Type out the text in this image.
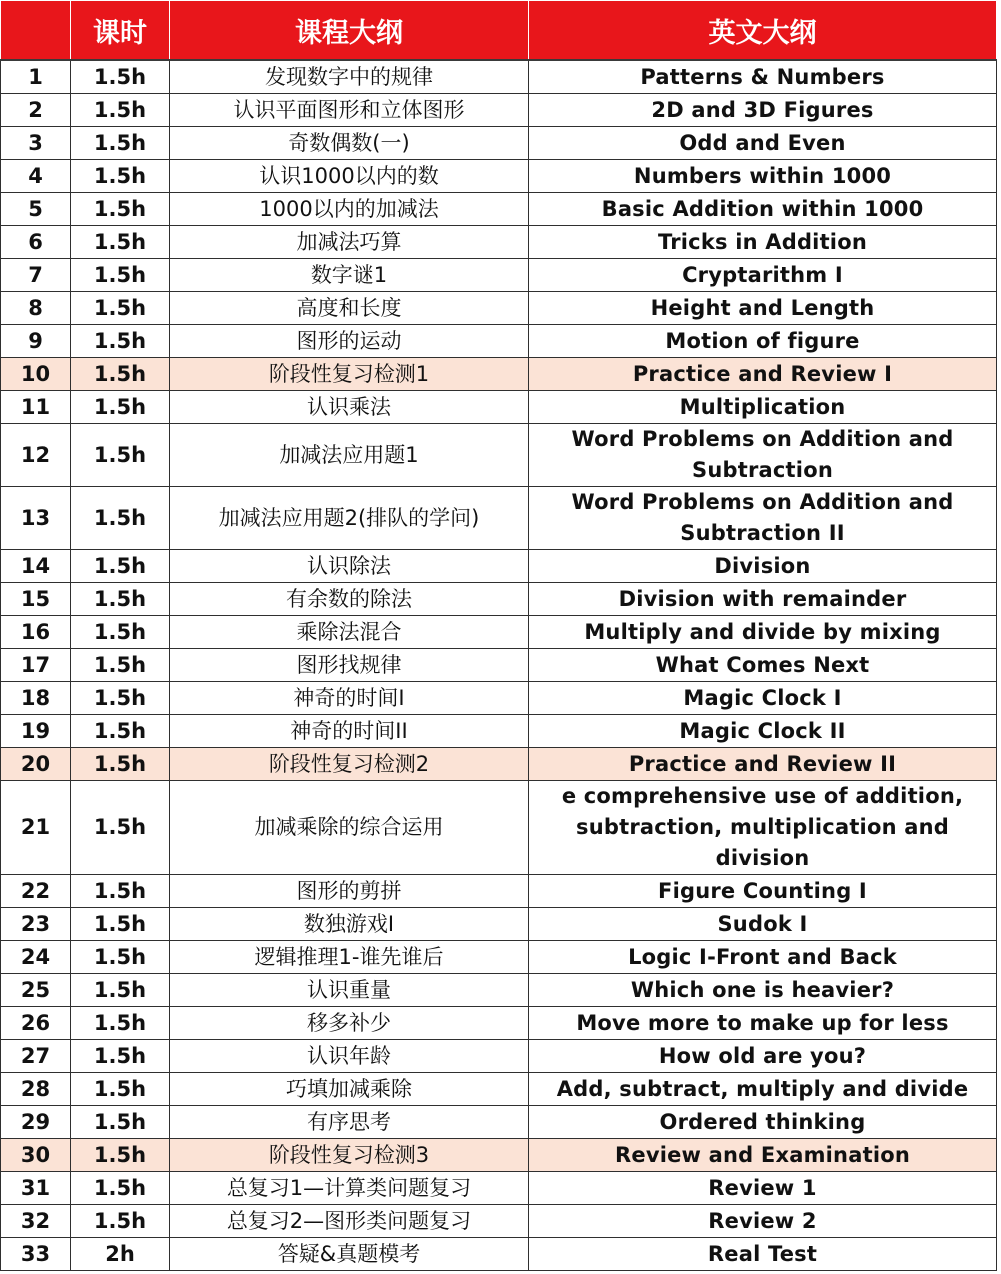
	课时	课程大纲	英文大纲
1	1.5h	发现数字中的规律	Patterns & Numbers
2	1.5h	认识平面图形和立体图形	2D and 3D Figures
3	1.5h	奇数偶数(一)	Odd and Even
4	1.5h	认识1000以内的数	Numbers within 1000
5	1.5h	1000以内的加减法	Basic Addition within 1000
6	1.5h	加减法巧算	Tricks in Addition
7	1.5h	数字谜1	Cryptarithm I
8	1.5h	高度和长度	Height and Length
9	1.5h	图形的运动	Motion of figure
10	1.5h	阶段性复习检测1	Practice and Review I
11	1.5h	认识乘法	Multiplication
12	1.5h	加减法应用题1	Word Problems on Addition and Subtraction
13	1.5h	加减法应用题2(排队的学问)	Word Problems on Addition and Subtraction II
14	1.5h	认识除法	Division
15	1.5h	有余数的除法	Division with remainder
16	1.5h	乘除法混合	Multiply and divide by mixing
17	1.5h	图形找规律	What Comes Next
18	1.5h	神奇的时间I	Magic Clock I
19	1.5h	神奇的时间II	Magic Clock II
20	1.5h	阶段性复习检测2	Practice and Review II
21	1.5h	加减乘除的综合运用	e comprehensive use of addition, subtraction, multiplication and division
22	1.5h	图形的剪拼	Figure Counting I
23	1.5h	数独游戏I	Sudok I
24	1.5h	逻辑推理1-谁先谁后	Logic I-Front and Back
25	1.5h	认识重量	Which one is heavier?
26	1.5h	移多补少	Move more to make up for less
27	1.5h	认识年龄	How old are you?
28	1.5h	巧填加减乘除	Add, subtract, multiply and divide
29	1.5h	有序思考	Ordered thinking
30	1.5h	阶段性复习检测3	Review and Examination
31	1.5h	总复习1—计算类问题复习	Review 1
32	1.5h	总复习2—图形类问题复习	Review 2
33	2h	答疑&真题模考	Real Test
